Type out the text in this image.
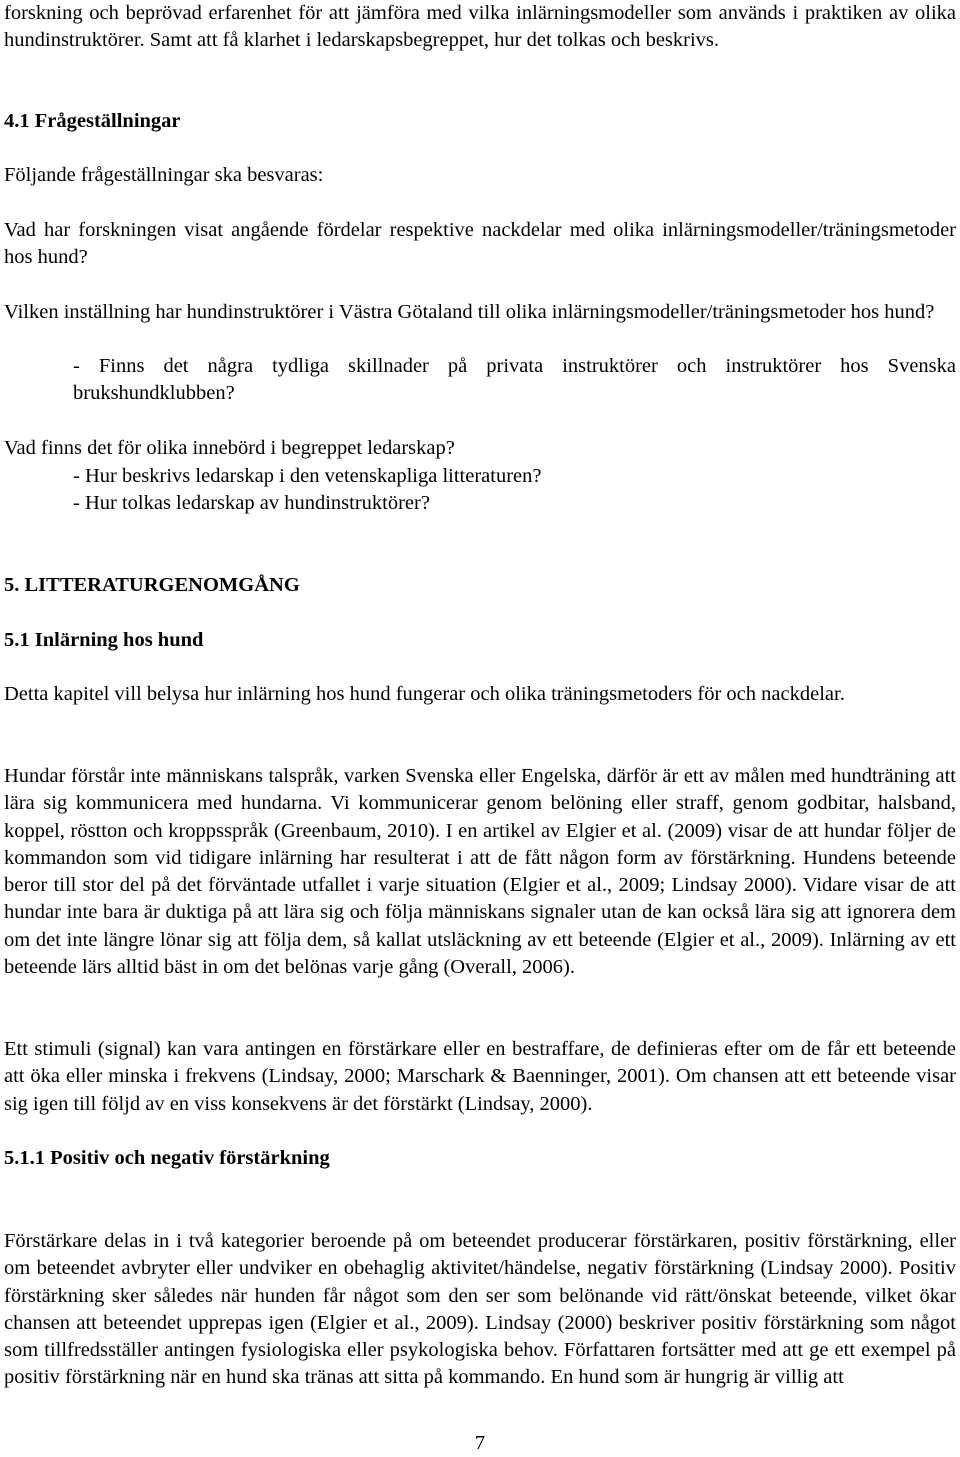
forskning och beprövad erfarenhet för att jämföra med vilka inlärningsmodeller som används i praktiken av olika hundinstruktörer. Samt att få klarhet i ledarskapsbegreppet, hur det tolkas och beskrivs.

4.1 Frågeställningar

Följande frågeställningar ska besvaras:

Vad har forskningen visat angående fördelar respektive nackdelar med olika inlärningsmodeller/träningsmetoder hos hund?

Vilken inställning har hundinstruktörer i Västra Götaland till olika inlärningsmodeller/träningsmetoder hos hund?

- Finns det några tydliga skillnader på privata instruktörer och instruktörer hos Svenska brukshundklubben?

Vad finns det för olika innebörd i begreppet ledarskap?

- Hur beskrivs ledarskap i den vetenskapliga litteraturen?

- Hur tolkas ledarskap av hundinstruktörer?

5. LITTERATURGENOMGÅNG

5.1 Inlärning hos hund

Detta kapitel vill belysa hur inlärning hos hund fungerar och olika träningsmetoders för och nackdelar.

Hundar förstår inte människans talspråk, varken Svenska eller Engelska, därför är ett av målen med hundträning att lära sig kommunicera med hundarna. Vi kommunicerar genom belöning eller straff, genom godbitar, halsband, koppel, röstton och kroppsspråk (Greenbaum, 2010). I en artikel av Elgier et al. (2009) visar de att hundar följer de kommandon som vid tidigare inlärning har resulterat i att de fått någon form av förstärkning. Hundens beteende beror till stor del på det förväntade utfallet i varje situation (Elgier et al., 2009; Lindsay 2000). Vidare visar de att hundar inte bara är duktiga på att lära sig och följa människans signaler utan de kan också lära sig att ignorera dem om det inte längre lönar sig att följa dem, så kallat utsläckning av ett beteende (Elgier et al., 2009). Inlärning av ett beteende lärs alltid bäst in om det belönas varje gång (Overall, 2006).

Ett stimuli (signal) kan vara antingen en förstärkare eller en bestraffare, de definieras efter om de får ett beteende att öka eller minska i frekvens (Lindsay, 2000; Marschark & Baenninger, 2001). Om chansen att ett beteende visar sig igen till följd av en viss konsekvens är det förstärkt (Lindsay, 2000).

5.1.1 Positiv och negativ förstärkning

Förstärkare delas in i två kategorier beroende på om beteendet producerar förstärkaren, positiv förstärkning, eller om beteendet avbryter eller undviker en obehaglig aktivitet/händelse, negativ förstärkning (Lindsay 2000). Positiv förstärkning sker således när hunden får något som den ser som belönande vid rätt/önskat beteende, vilket ökar chansen att beteendet upprepas igen (Elgier et al., 2009). Lindsay (2000) beskriver positiv förstärkning som något som tillfredsställer antingen fysiologiska eller psykologiska behov. Författaren fortsätter med att ge ett exempel på positiv förstärkning när en hund ska tränas att sitta på kommando. En hund som är hungrig är villig att

7
